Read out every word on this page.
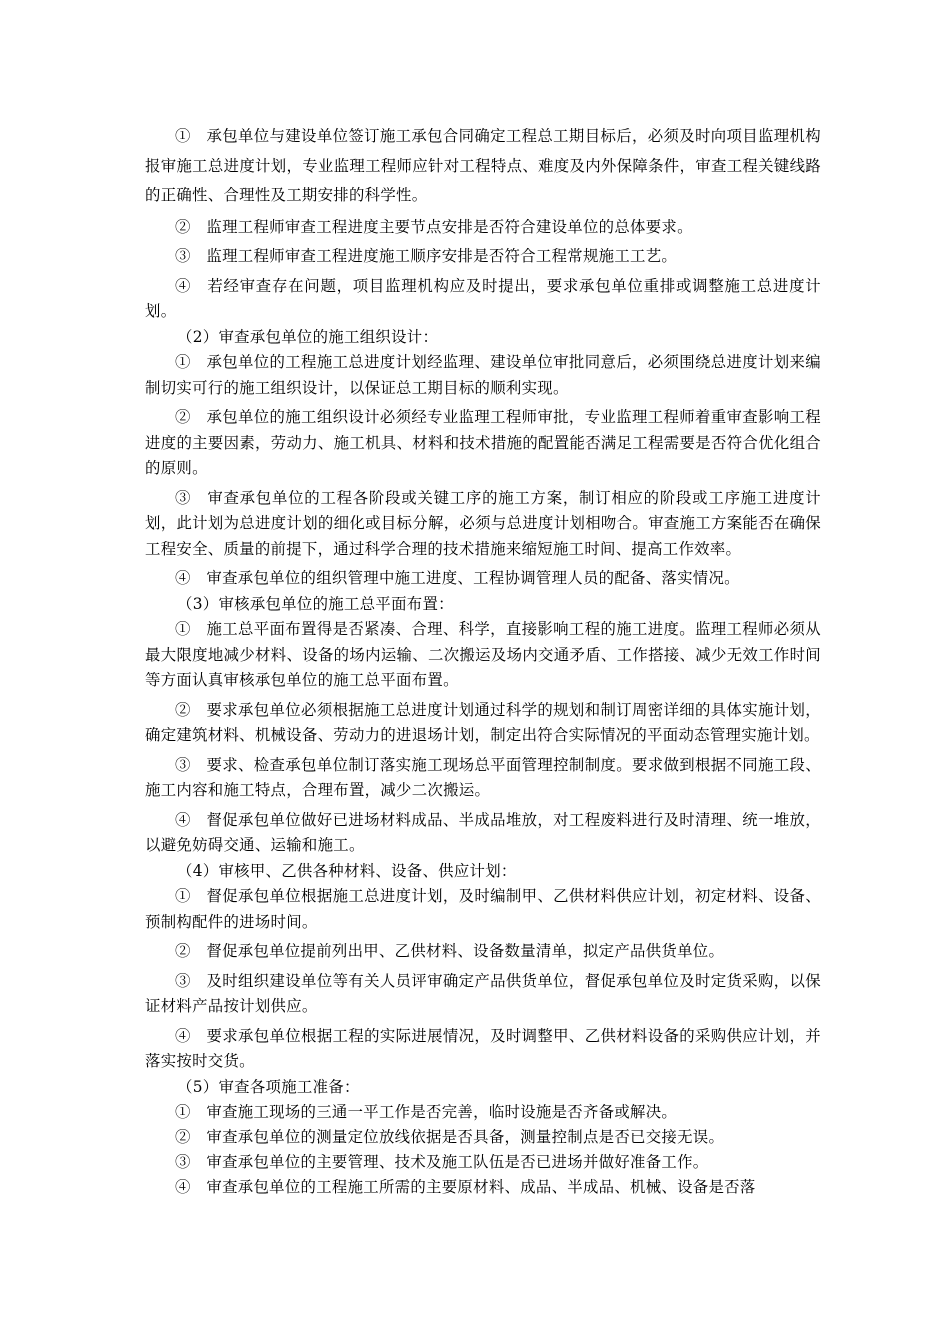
①　承包单位与建设单位签订施工承包合同确定工程总工期目标后，必须及时向项目监理机构报审施工总进度计划，专业监理工程师应针对工程特点、难度及内外保障条件，审查工程关键线路的正确性、合理性及工期安排的科学性。

②　监理工程师审查工程进度主要节点安排是否符合建设单位的总体要求。

③　监理工程师审查工程进度施工顺序安排是否符合工程常规施工工艺。

④　若经审查存在问题，项目监理机构应及时提出，要求承包单位重排或调整施工总进度计划。

（2）审查承包单位的施工组织设计：

①　承包单位的工程施工总进度计划经监理、建设单位审批同意后，必须围绕总进度计划来编制切实可行的施工组织设计，以保证总工期目标的顺利实现。

②　承包单位的施工组织设计必须经专业监理工程师审批，专业监理工程师着重审查影响工程进度的主要因素，劳动力、施工机具、材料和技术措施的配置能否满足工程需要是否符合优化组合的原则。

③　审查承包单位的工程各阶段或关键工序的施工方案，制订相应的阶段或工序施工进度计划，此计划为总进度计划的细化或目标分解，必须与总进度计划相吻合。审查施工方案能否在确保工程安全、质量的前提下，通过科学合理的技术措施来缩短施工时间、提高工作效率。

④　审查承包单位的组织管理中施工进度、工程协调管理人员的配备、落实情况。

（3）审核承包单位的施工总平面布置：

①　施工总平面布置得是否紧凑、合理、科学，直接影响工程的施工进度。监理工程师必须从最大限度地减少材料、设备的场内运输、二次搬运及场内交通矛盾、工作搭接、减少无效工作时间等方面认真审核承包单位的施工总平面布置。

②　要求承包单位必须根据施工总进度计划通过科学的规划和制订周密详细的具体实施计划，确定建筑材料、机械设备、劳动力的进退场计划，制定出符合实际情况的平面动态管理实施计划。

③　要求、检查承包单位制订落实施工现场总平面管理控制制度。要求做到根据不同施工段、施工内容和施工特点，合理布置，减少二次搬运。

④　督促承包单位做好已进场材料成品、半成品堆放，对工程废料进行及时清理、统一堆放，以避免妨碍交通、运输和施工。

（4）审核甲、乙供各种材料、设备、供应计划：

①　督促承包单位根据施工总进度计划，及时编制甲、乙供材料供应计划，初定材料、设备、预制构配件的进场时间。

②　督促承包单位提前列出甲、乙供材料、设备数量清单，拟定产品供货单位。

③　及时组织建设单位等有关人员评审确定产品供货单位，督促承包单位及时定货采购，以保证材料产品按计划供应。

④　要求承包单位根据工程的实际进展情况，及时调整甲、乙供材料设备的采购供应计划，并落实按时交货。

（5）审查各项施工准备：

①　审查施工现场的三通一平工作是否完善，临时设施是否齐备或解决。

②　审查承包单位的测量定位放线依据是否具备，测量控制点是否已交接无误。

③　审查承包单位的主要管理、技术及施工队伍是否已进场并做好准备工作。

④　审查承包单位的工程施工所需的主要原材料、成品、半成品、机械、设备是否落
